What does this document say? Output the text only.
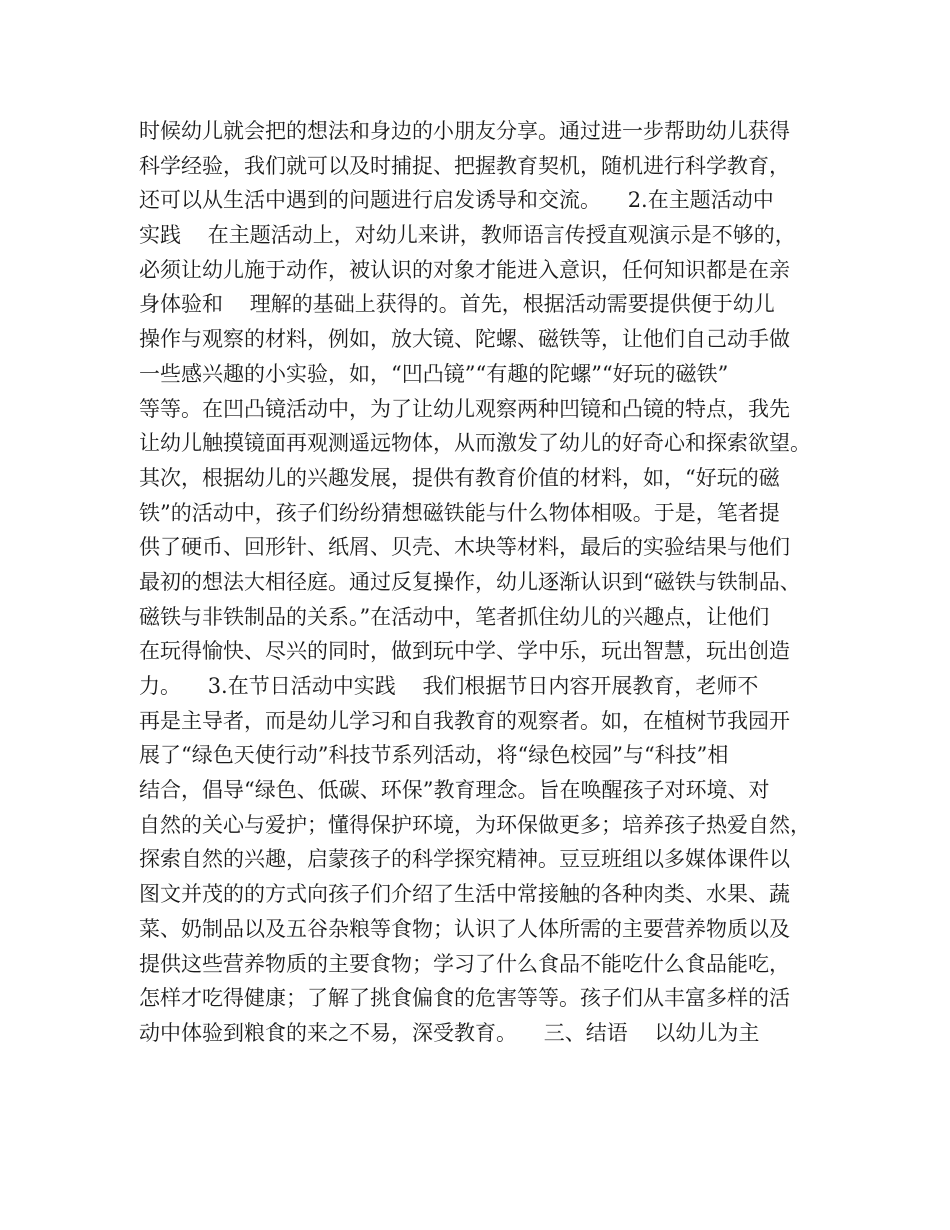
时候幼儿就会把的想法和身边的小朋友分享。通过进一步帮助幼儿获得
科学经验，我们就可以及时捕捉、把握教育契机，随机进行科学教育，
还可以从生活中遇到的问题进行启发诱导和交流。    2.在主题活动中
实践    在主题活动上，对幼儿来讲，教师语言传授直观演示是不够的，
必须让幼儿施于动作，被认识的对象才能进入意识，任何知识都是在亲
身体验和    理解的基础上获得的。首先，根据活动需要提供便于幼儿
操作与观察的材料，例如，放大镜、陀螺、磁铁等，让他们自己动手做
一些感兴趣的小实验，如，“凹凸镜”“有趣的陀螺”“好玩的磁铁”
等等。在凹凸镜活动中，为了让幼儿观察两种凹镜和凸镜的特点，我先
让幼儿触摸镜面再观测遥远物体，从而激发了幼儿的好奇心和探索欲望。
其次，根据幼儿的兴趣发展，提供有教育价值的材料，如，“好玩的磁
铁”的活动中，孩子们纷纷猜想磁铁能与什么物体相吸。于是，笔者提
供了硬币、回形针、纸屑、贝壳、木块等材料，最后的实验结果与他们
最初的想法大相径庭。通过反复操作，幼儿逐渐认识到“磁铁与铁制品、
磁铁与非铁制品的关系。”在活动中，笔者抓住幼儿的兴趣点，让他们
在玩得愉快、尽兴的同时，做到玩中学、学中乐，玩出智慧，玩出创造
力。    3.在节日活动中实践    我们根据节日内容开展教育，老师不
再是主导者，而是幼儿学习和自我教育的观察者。如，在植树节我园开
展了“绿色天使行动”科技节系列活动，将“绿色校园”与“科技”相
结合，倡导“绿色、低碳、环保”教育理念。旨在唤醒孩子对环境、对
自然的关心与爱护；懂得保护环境，为环保做更多；培养孩子热爱自然，
探索自然的兴趣，启蒙孩子的科学探究精神。豆豆班组以多媒体课件以
图文并茂的的方式向孩子们介绍了生活中常接触的各种肉类、水果、蔬
菜、奶制品以及五谷杂粮等食物；认识了人体所需的主要营养物质以及
提供这些营养物质的主要食物；学习了什么食品不能吃什么食品能吃，
怎样才吃得健康；了解了挑食偏食的危害等等。孩子们从丰富多样的活
动中体验到粮食的来之不易，深受教育。    三、结语    以幼儿为主
